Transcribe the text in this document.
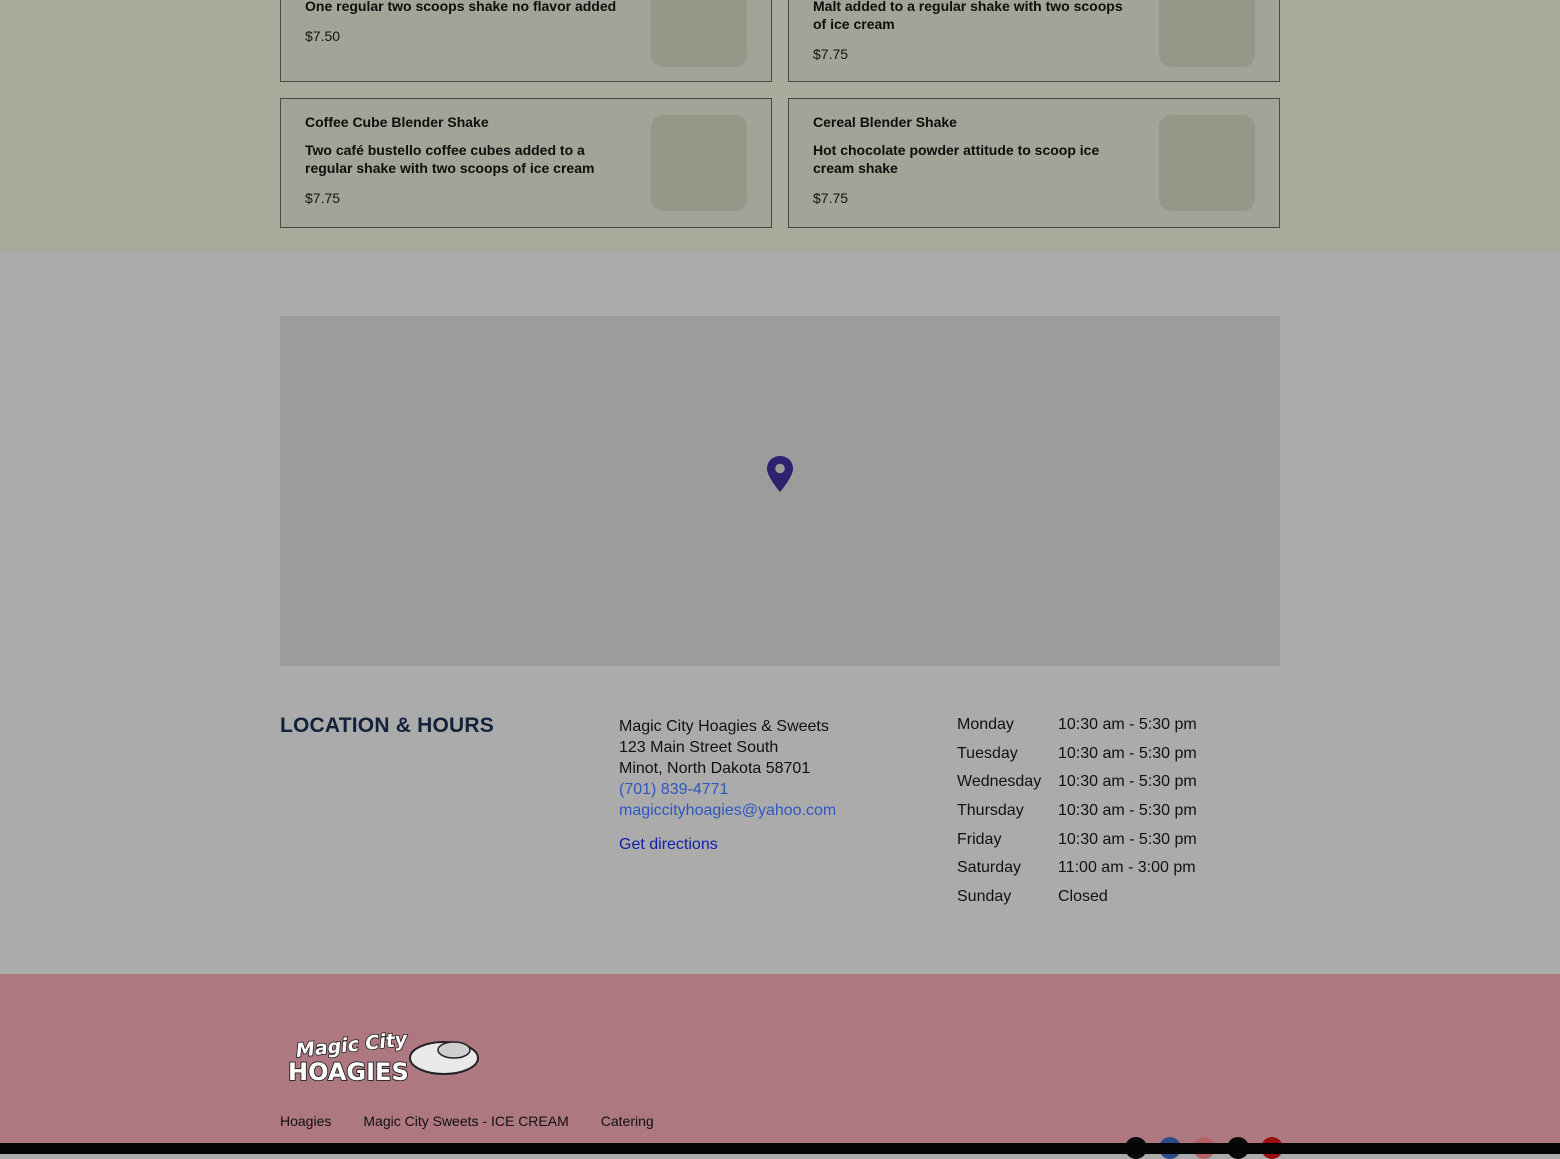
One regular two scoops shake no flavor added
$7.50
Malt added to a regular shake with two scoops of ice cream
$7.75
Coffee Cube Blender Shake
Two café bustello coffee cubes added to a regular shake with two scoops of ice cream
$7.75
Cereal Blender Shake
Hot chocolate powder attitude to scoop ice cream shake
$7.75
LOCATION & HOURS	Magic City Hoagies & Sweets
123 Main Street South
Minot, North Dakota 58701
(701) 839-4771
magiccityhoagies@yahoo.com
Get directions
Monday	10:30 am - 5:30 pm
Tuesday	10:30 am - 5:30 pm
Wednesday	10:30 am - 5:30 pm
Thursday	10:30 am - 5:30 pm
Friday	10:30 am - 5:30 pm
Saturday	11:00 am - 3:00 pm
Sunday	Closed
Magic City
HOAGIES
Hoagies Magic City Sweets - ICE CREAM Catering
